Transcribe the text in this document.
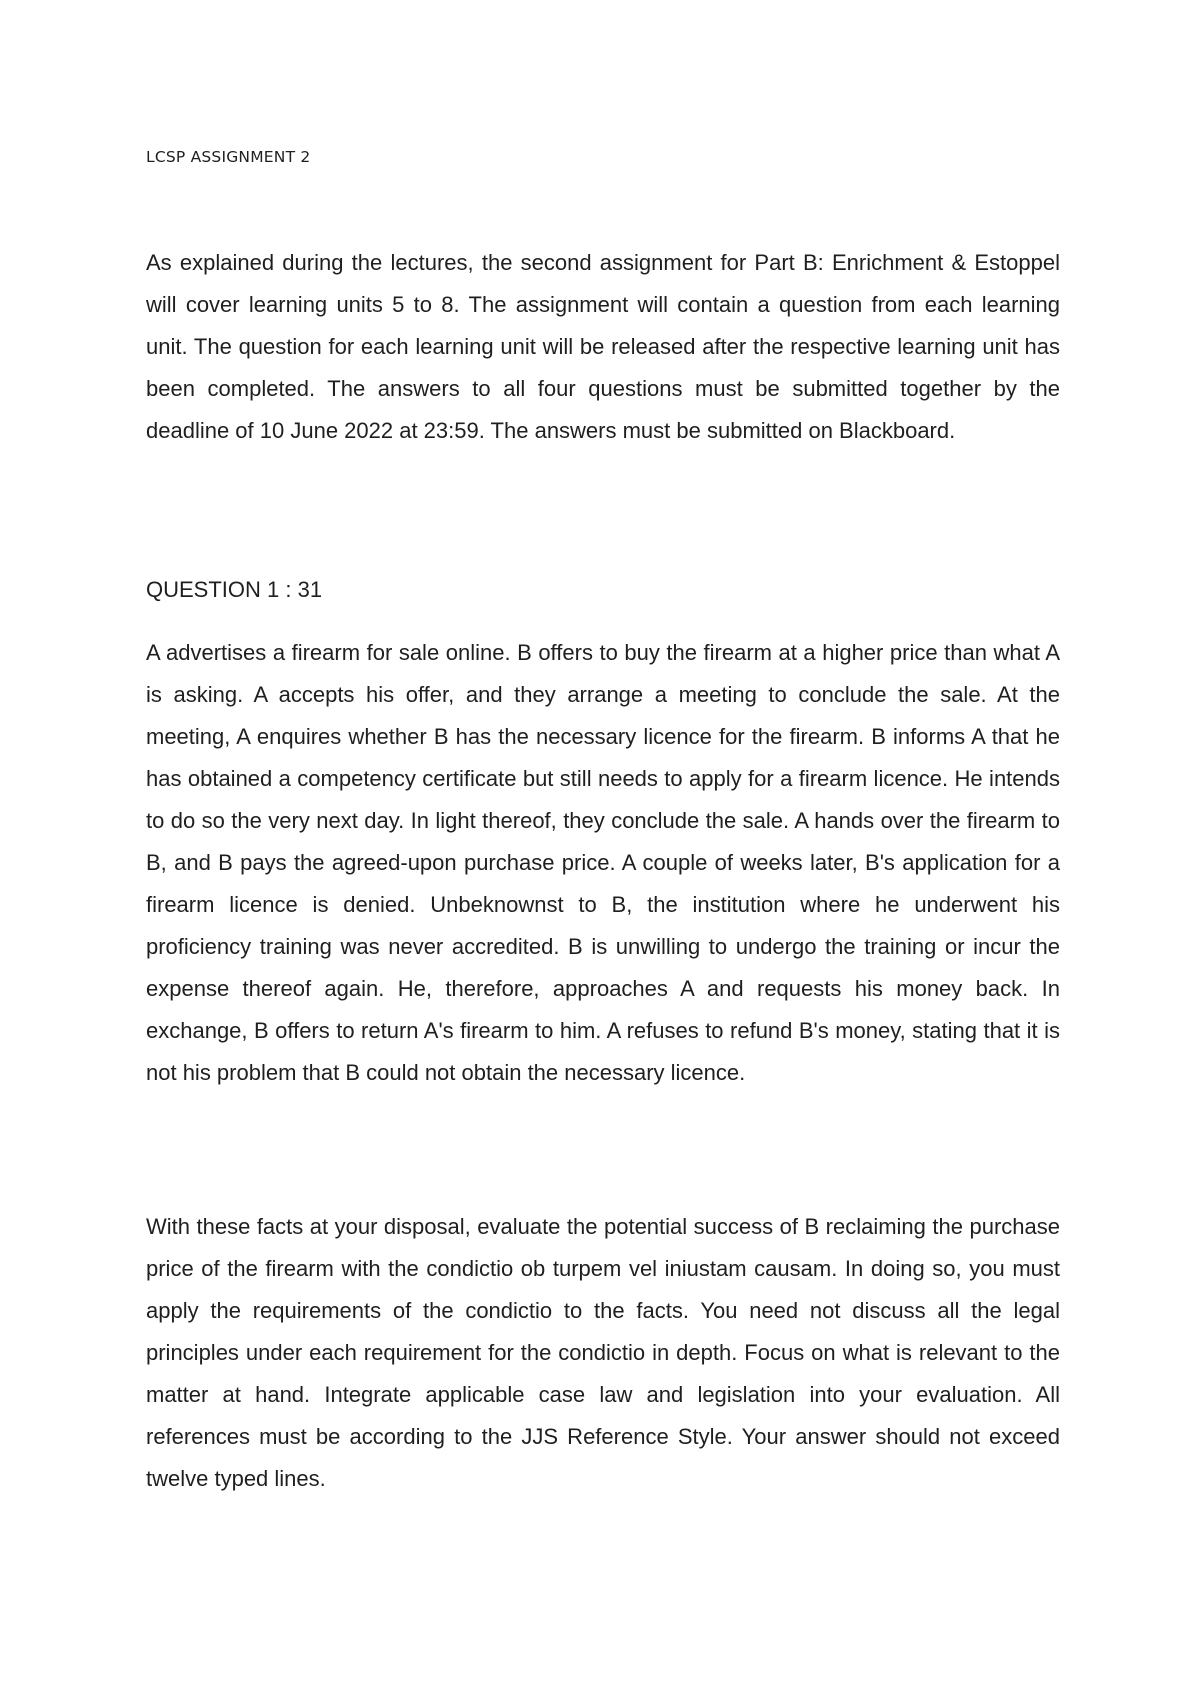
LCSP ASSIGNMENT 2

As explained during the lectures, the second assignment for Part B: Enrichment & Estoppel will cover learning units 5 to 8. The assignment will contain a question from each learning unit. The question for each learning unit will be released after the respective learning unit has been completed. The answers to all four questions must be submitted together by the deadline of 10 June 2022 at 23:59. The answers must be submitted on Blackboard.

QUESTION 1 : 31

A advertises a firearm for sale online. B offers to buy the firearm at a higher price than what A is asking. A accepts his offer, and they arrange a meeting to conclude the sale. At the meeting, A enquires whether B has the necessary licence for the firearm. B informs A that he has obtained a competency certificate but still needs to apply for a firearm licence. He intends to do so the very next day. In light thereof, they conclude the sale. A hands over the firearm to B, and B pays the agreed-upon purchase price. A couple of weeks later, B's application for a firearm licence is denied. Unbeknownst to B, the institution where he underwent his proficiency training was never accredited. B is unwilling to undergo the training or incur the expense thereof again. He, therefore, approaches A and requests his money back. In exchange, B offers to return A's firearm to him. A refuses to refund B's money, stating that it is not his problem that B could not obtain the necessary licence.

With these facts at your disposal, evaluate the potential success of B reclaiming the purchase price of the firearm with the condictio ob turpem vel iniustam causam. In doing so, you must apply the requirements of the condictio to the facts. You need not discuss all the legal principles under each requirement for the condictio in depth. Focus on what is relevant to the matter at hand. Integrate applicable case law and legislation into your evaluation. All references must be according to the JJS Reference Style. Your answer should not exceed twelve typed lines.
